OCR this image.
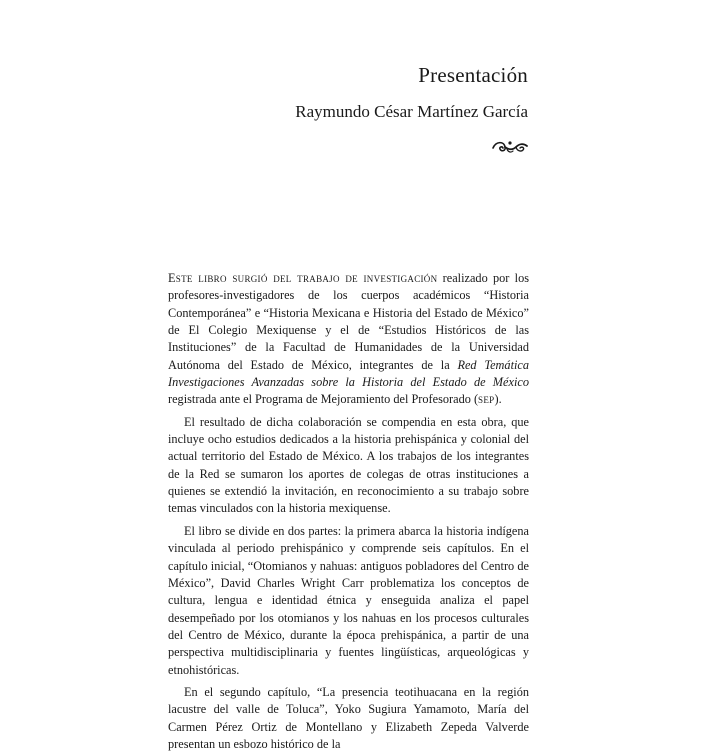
Presentación
Raymundo César Martínez García

Este libro surgió del trabajo de investigación realizado por los profesores-investigadores de los cuerpos académicos “Historia Contemporánea” e “Historia Mexicana e Historia del Estado de México” de El Colegio Mexiquense y el de “Estudios Históricos de las Instituciones” de la Facultad de Humanidades de la Universidad Autónoma del Estado de México, integrantes de la Red Temática Investigaciones Avanzadas sobre la Historia del Estado de México registrada ante el Programa de Mejoramiento del Profesorado (sep).

El resultado de dicha colaboración se compendia en esta obra, que incluye ocho estudios dedicados a la historia prehispánica y colonial del actual territorio del Estado de México. A los trabajos de los integrantes de la Red se sumaron los aportes de colegas de otras instituciones a quienes se extendió la invitación, en reconocimiento a su trabajo sobre temas vinculados con la historia mexiquense.

El libro se divide en dos partes: la primera abarca la historia indígena vinculada al periodo prehispánico y comprende seis capítulos. En el capítulo inicial, “Otomianos y nahuas: antiguos pobladores del Centro de México”, David Charles Wright Carr problematiza los conceptos de cultura, lengua e identidad étnica y enseguida analiza el papel desempeñado por los otomianos y los nahuas en los procesos culturales del Centro de México, durante la época prehispánica, a partir de una perspectiva multidisciplinaria y fuentes lingüísticas, arqueológicas y etnohistóricas.

En el segundo capítulo, “La presencia teotihuacana en la región lacustre del valle de Toluca”, Yoko Sugiura Yamamoto, María del Carmen Pérez Ortiz de Montellano y Elizabeth Zepeda Valverde presentan un esbozo histórico de la
